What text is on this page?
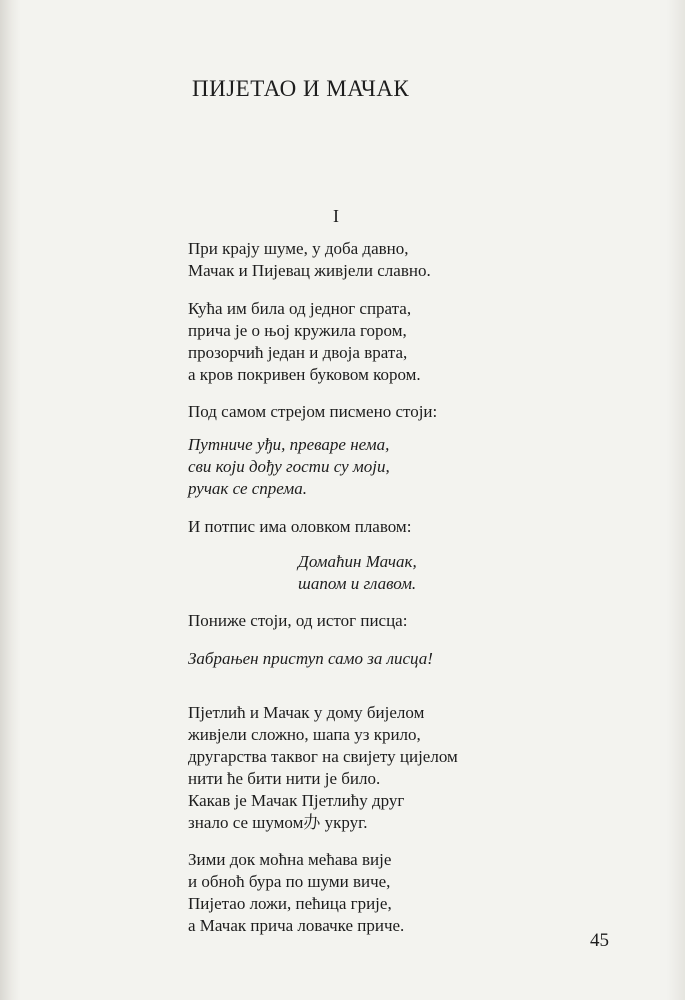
ПИЈЕТАО И МАЧАК
I
При крају шуме, у доба давно,
Мачак и Пијевац живјели славно.
Кућа им била од једног спрата,
прича је о њој кружила гором,
прозорчић један и двоја врата,
а кров покривен буковом кором.
Под самом стрејом писмено стоји:
Путниче уђи, преваре нема,
сви који дођу гости су моји,
ручак се спрема.
И потпис има оловком плавом:
Домаћин Мачак,
шапом и главом.
Пониже стоји, од истог писца:
Забрањен приступ само за лисца!
Пјетлић и Мачак у дому бијелом
живјели сложно, шапа уз крило,
другарства таквог на свијету цијелом
нити ће бити нити је било.
Какав је Мачак Пјетлићу друг
знало се шумом办 укруг.
Зими док моћна мећава вије
и обноћ бура по шуми виче,
Пијетао ложи, пећица грије,
а Мачак прича ловачке приче.
45
